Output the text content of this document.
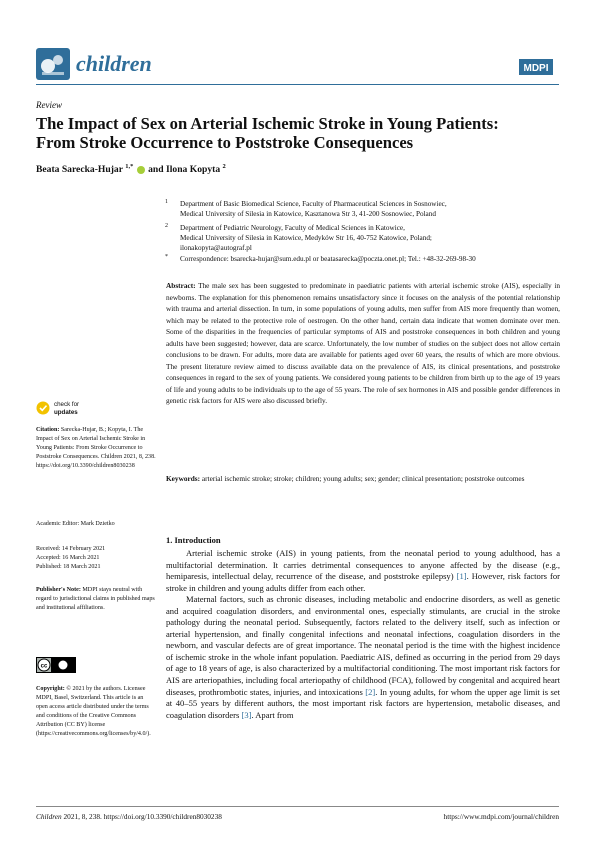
children	MDPI
Review
The Impact of Sex on Arterial Ischemic Stroke in Young Patients:
From Stroke Occurrence to Poststroke Consequences
Beata Sarecka-Hujar $^{1,*}$ and Ilona Kopyta $^2$
1 Department of Basic Biomedical Science, Faculty of Pharmaceutical Sciences in Sosnowiec,
Medical University of Silesia in Katowice, Kasztanowa Str 3, 41-200 Sosnowiec, Poland
2 Department of Pediatric Neurology, Faculty of Medical Sciences in Katowice,
Medical University of Silesia in Katowice, Medyków Str 16, 40-752 Katowice, Poland;
ilonakopyta@autograf.pl
* Correspondence: bsarecka-hujar@sum.edu.pl or beatasarecka@poczta.onet.pl; Tel.: +48-32-269-98-30
Abstract: The male sex has been suggested to predominate in paediatric patients with arterial ischemic stroke (AIS), especially in newborns. The explanation for this phenomenon remains unsatisfactory since it focuses on the analysis of the potential relationship with trauma and arterial dissection. In turn, in some populations of young adults, men suffer from AIS more frequently than women, which may be related to the protective role of oestrogen. On the other hand, certain data indicate that women dominate over men. Some of the disparities in the frequencies of particular symptoms of AIS and poststroke consequences in both children and young adults have been suggested; however, data are scarce. Unfortunately, the low number of studies on the subject does not allow certain conclusions to be drawn. For adults, more data are available for patients aged over 60 years, the results of which are more obvious. The present literature review aimed to discuss available data on the prevalence of AIS, its clinical presentations, and poststroke consequences in regard to the sex of young patients. We considered young patients to be children from birth up to the age of 19 years of life and young adults to be individuals up to the age of 55 years. The role of sex hormones in AIS and possible gender differences in genetic risk factors for AIS were also discussed briefly.
Keywords: arterial ischemic stroke; stroke; children; young adults; sex; gender; clinical presentation; poststroke outcomes
check for
updates
Citation: Sarecka-Hujar, B.; Kopyta, I. The Impact of Sex on Arterial Ischemic Stroke in Young Patients: From Stroke Occurrence to Poststroke Consequences. Children 2021, 8, 238. https://doi.org/10.3390/children8030238
Academic Editor: Mark Dzietko
Received: 14 February 2021
Accepted: 16 March 2021
Published: 18 March 2021
Publisher's Note: MDPI stays neutral with regard to jurisdictional claims in published maps and institutional affiliations.
cc
Copyright: © 2021 by the authors. Licensee MDPI, Basel, Switzerland. This article is an open access article distributed under the terms and conditions of the Creative Commons Attribution (CC BY) license (https://creativecommons.org/licenses/by/4.0/).
1. Introduction

Arterial ischemic stroke (AIS) in young patients, from the neonatal period to young adulthood, has a multifactorial determination. It carries detrimental consequences to anyone affected by the disease (e.g., hemiparesis, intellectual delay, recurrence of the disease, and poststroke epilepsy) [1]. However, risk factors for stroke in children and young adults differ from each other.

Maternal factors, such as chronic diseases, including metabolic and endocrine disorders, as well as genetic and acquired coagulation disorders, and environmental ones, especially stimulants, are crucial in the stroke pathology during the neonatal period. Subsequently, factors related to the delivery itself, such as infection or arterial hypertension, and finally congenital infections and neonatal infections, coagulation disorders in the newborn, and vascular defects are of great importance. The neonatal period is the time with the highest incidence of ischemic stroke in the whole infant population. Paediatric AIS, defined as occurring in the period from 29 days of age to 18 years of age, is also characterized by a multifactorial conditioning. The most important risk factors for AIS are arteriopathies, including focal arteriopathy of childhood (FCA), followed by congenital and acquired heart diseases, prothrombotic states, injuries, and intoxications [2]. In young adults, for whom the upper age limit is set at 40–55 years by different authors, the most important risk factors are hypertension, metabolic diseases, and coagulation disorders [3]. Apart from

Children 2021, 8, 238. https://doi.org/10.3390/children8030238	https://www.mdpi.com/journal/children
